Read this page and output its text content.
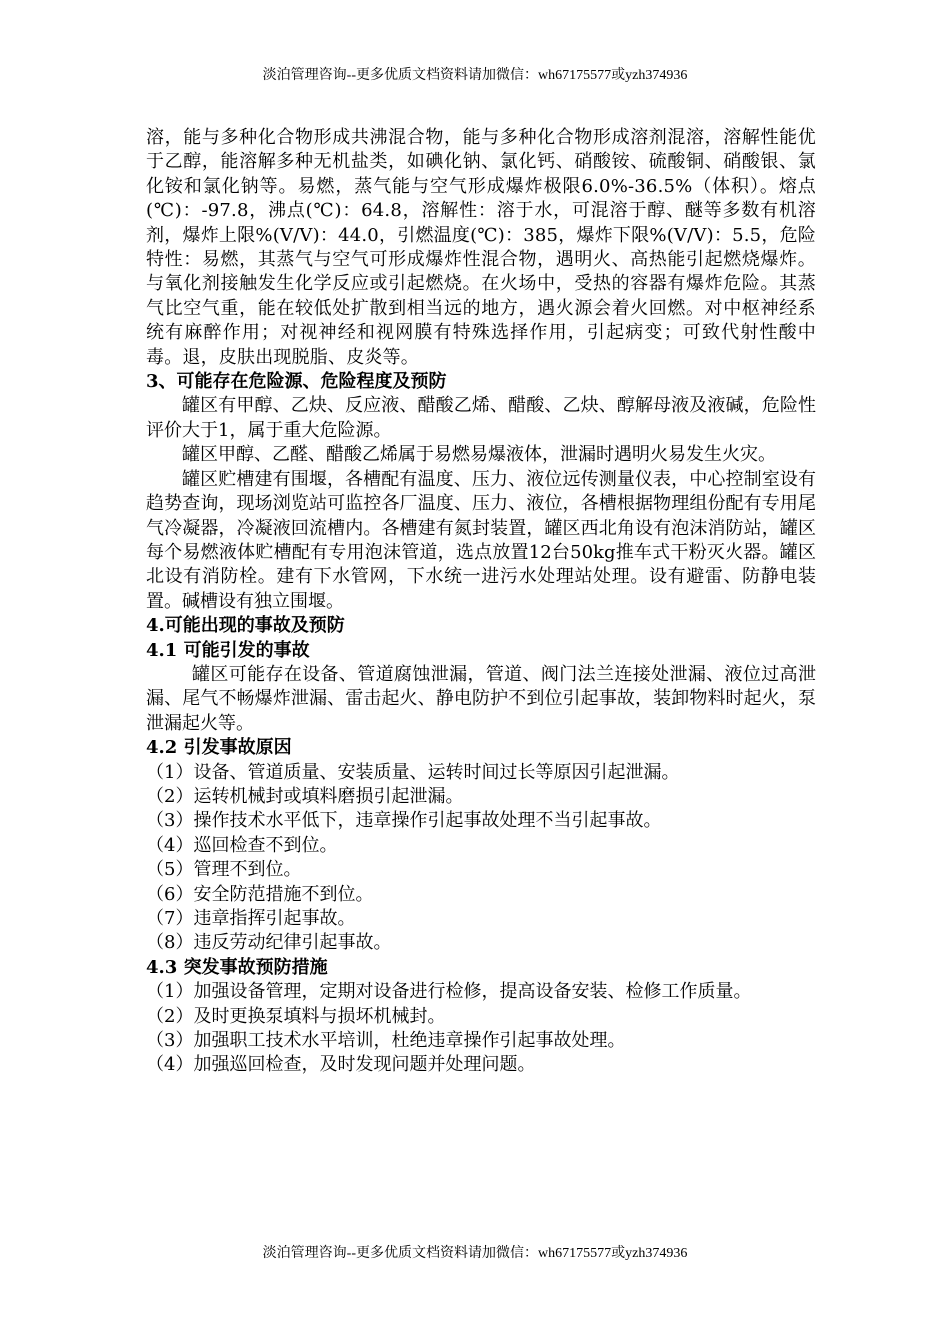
淡泊管理咨询--更多优质文档资料请加微信：wh67175577或yzh374936

溶，能与多种化合物形成共沸混合物，能与多种化合物形成溶剂混溶，溶解性能优于乙醇，能溶解多种无机盐类，如碘化钠、氯化钙、硝酸铵、硫酸铜、硝酸银、氯化铵和氯化钠等。易燃，蒸气能与空气形成爆炸极限6.0%-36.5%（体积）。熔点(℃)：-97.8，沸点(℃)：64.8，溶解性：溶于水，可混溶于醇、醚等多数有机溶剂，爆炸上限%(V/V)：44.0，引燃温度(℃)：385，爆炸下限%(V/V)：5.5，危险特性：易燃，其蒸气与空气可形成爆炸性混合物，遇明火、高热能引起燃烧爆炸。与氧化剂接触发生化学反应或引起燃烧。在火场中，受热的容器有爆炸危险。其蒸气比空气重，能在较低处扩散到相当远的地方，遇火源会着火回燃。对中枢神经系统有麻醉作用；对视神经和视网膜有特殊选择作用，引起病变；可致代射性酸中毒。退，皮肤出现脱脂、皮炎等。

3、可能存在危险源、危险程度及预防

罐区有甲醇、乙炔、反应液、醋酸乙烯、醋酸、乙炔、醇解母液及液碱，危险性评价大于1，属于重大危险源。

罐区甲醇、乙醛、醋酸乙烯属于易燃易爆液体，泄漏时遇明火易发生火灾。

罐区贮槽建有围堰，各槽配有温度、压力、液位远传测量仪表，中心控制室设有趋势查询，现场浏览站可监控各厂温度、压力、液位，各槽根据物理组份配有专用尾气冷凝器，冷凝液回流槽内。各槽建有氮封装置，罐区西北角设有泡沫消防站，罐区每个易燃液体贮槽配有专用泡沫管道，选点放置12台50kg推车式干粉灭火器。罐区北设有消防栓。建有下水管网，下水统一进污水处理站处理。设有避雷、防静电装置。碱槽设有独立围堰。

4.可能出现的事故及预防

4.1 可能引发的事故

罐区可能存在设备、管道腐蚀泄漏，管道、阀门法兰连接处泄漏、液位过高泄漏、尾气不畅爆炸泄漏、雷击起火、静电防护不到位引起事故，装卸物料时起火，泵泄漏起火等。

4.2 引发事故原因

（1）设备、管道质量、安装质量、运转时间过长等原因引起泄漏。

（2）运转机械封或填料磨损引起泄漏。

（3）操作技术水平低下，违章操作引起事故处理不当引起事故。

（4）巡回检查不到位。

（5）管理不到位。

（6）安全防范措施不到位。

（7）违章指挥引起事故。

（8）违反劳动纪律引起事故。

4.3 突发事故预防措施

（1）加强设备管理，定期对设备进行检修，提高设备安装、检修工作质量。

（2）及时更换泵填料与损坏机械封。

（3）加强职工技术水平培训，杜绝违章操作引起事故处理。

（4）加强巡回检查，及时发现问题并处理问题。

淡泊管理咨询--更多优质文档资料请加微信：wh67175577或yzh374936
